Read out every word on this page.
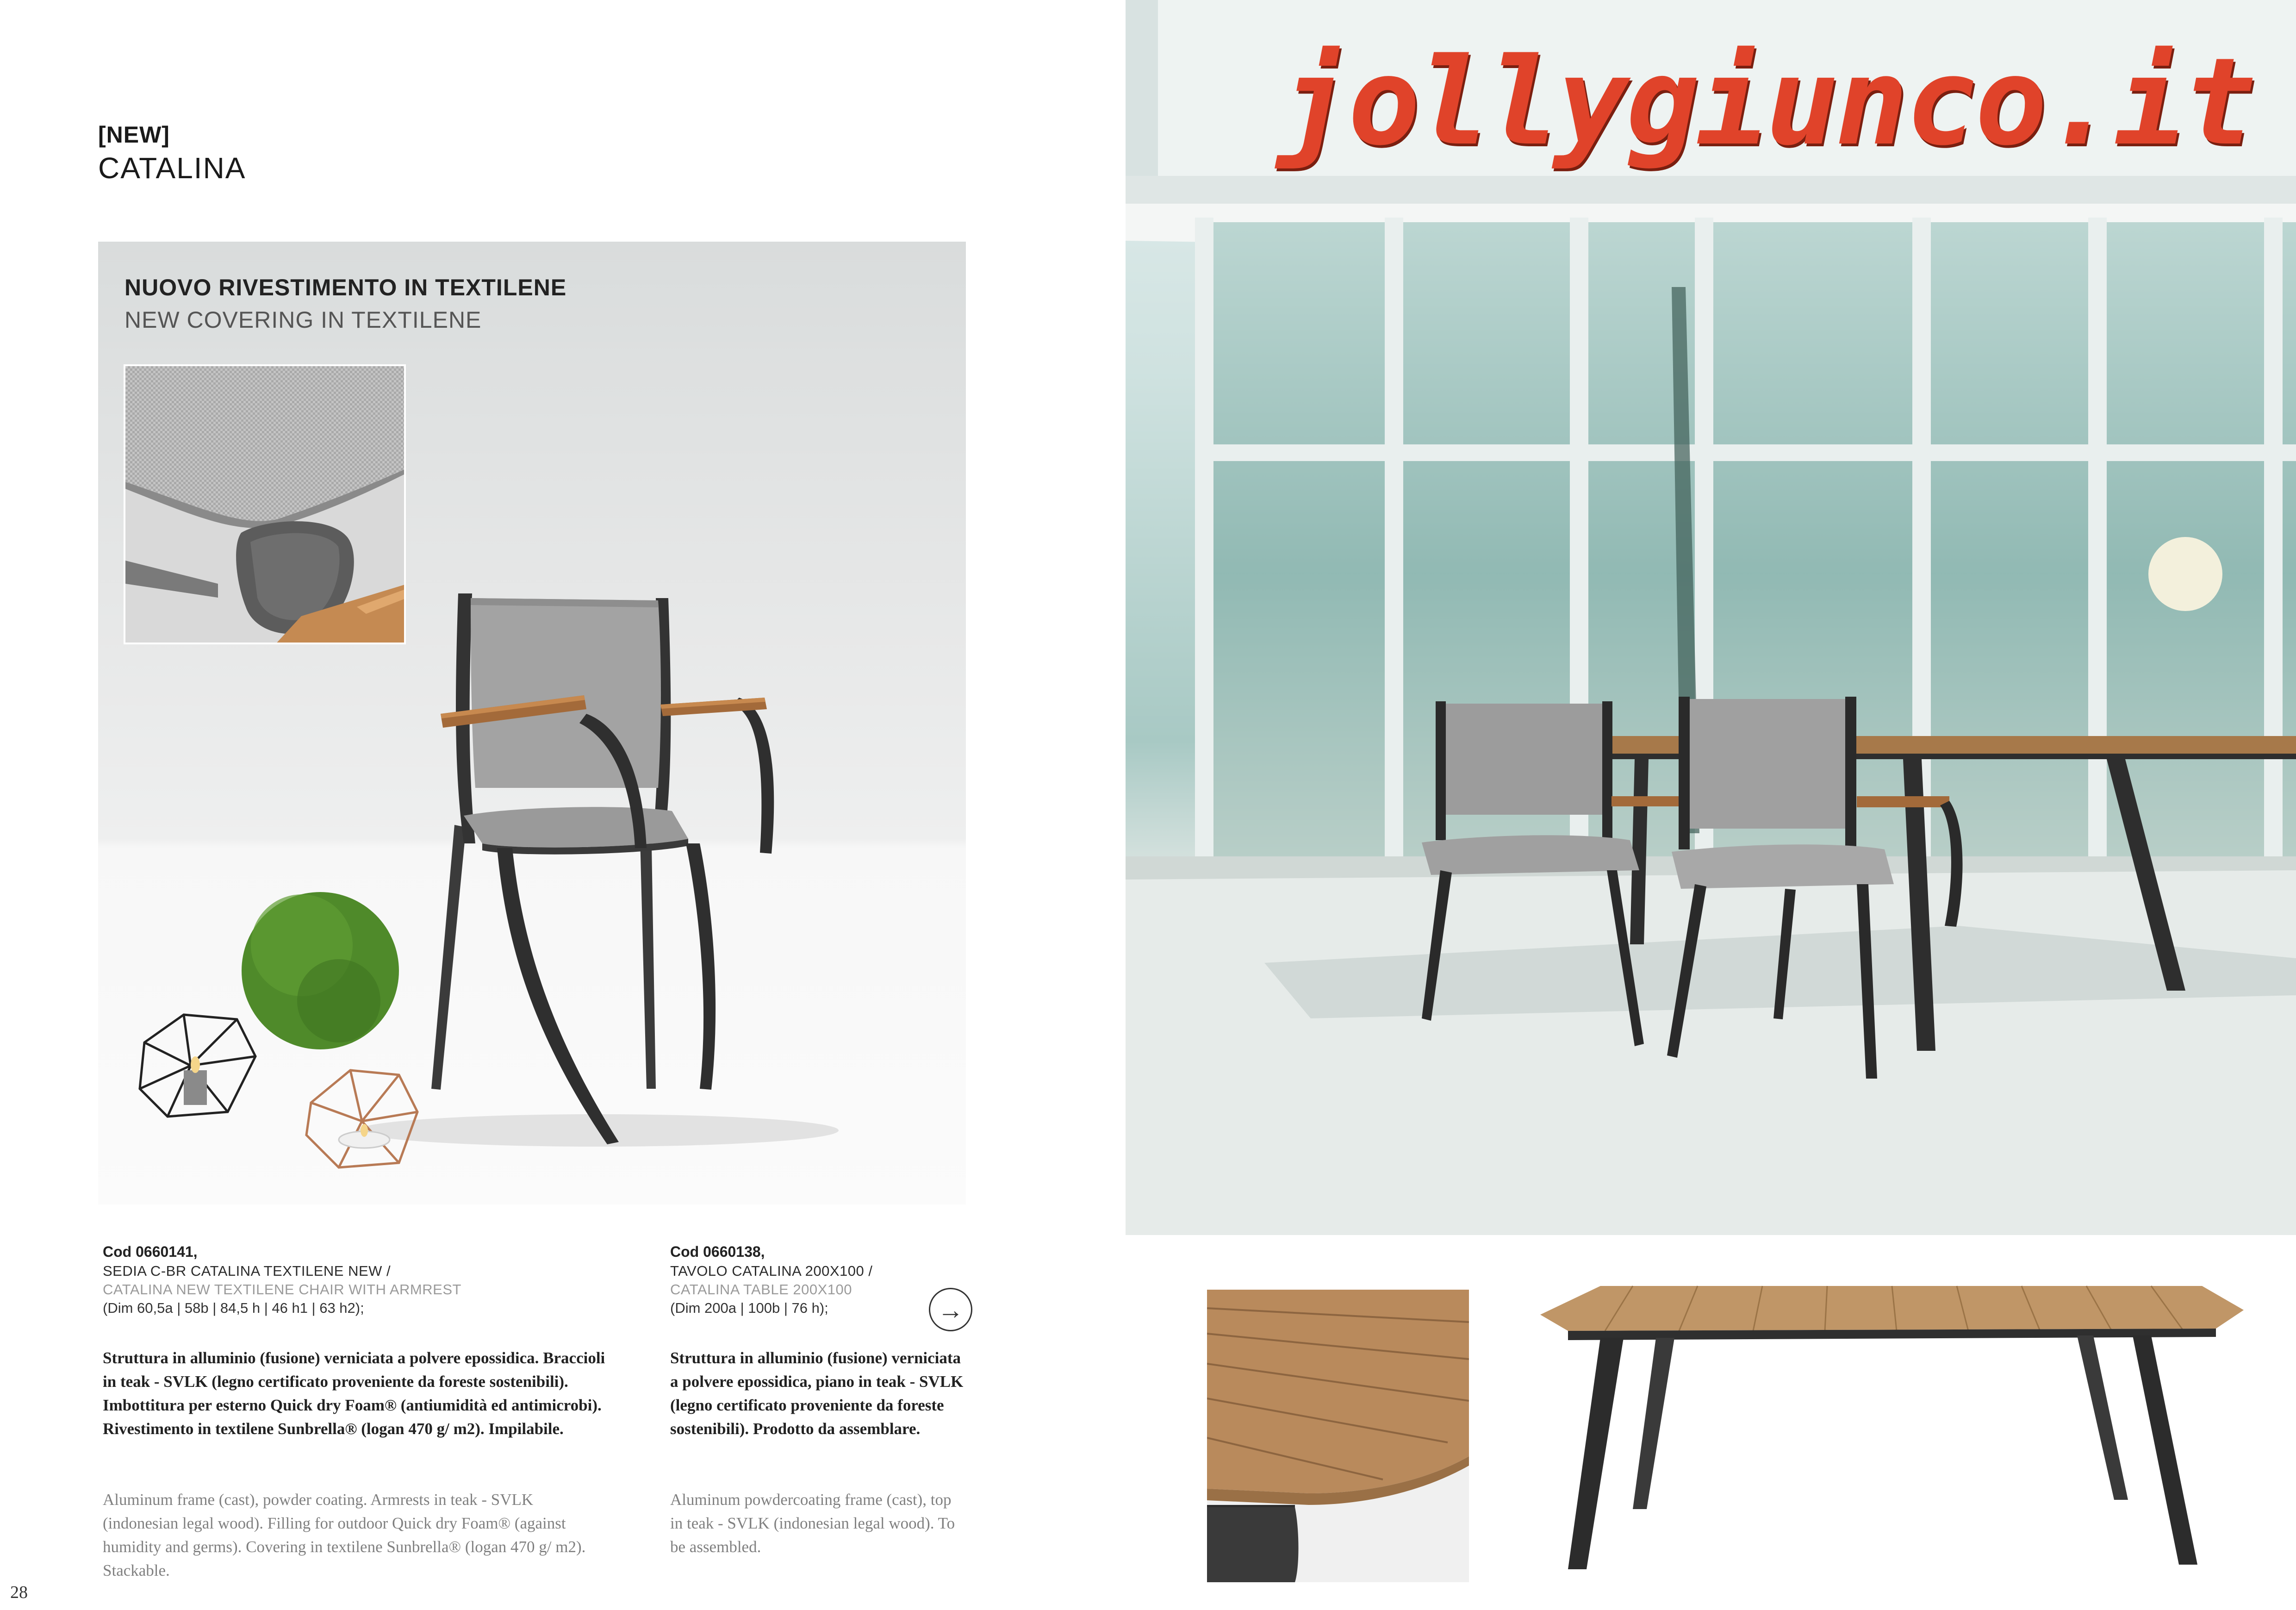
[NEW]
CATALINA
NUOVO RIVESTIMENTO IN TEXTILENE
NEW COVERING IN TEXTILENE
Cod 0660141,
SEDIA C-BR CATALINA TEXTILENE NEW /
CATALINA NEW TEXTILENE CHAIR WITH ARMREST
(Dim 60,5a | 58b | 84,5 h | 46 h1 | 63 h2);
Struttura in alluminio (fusione) verniciata a polvere epossidica. Braccioli in teak - SVLK (legno certificato proveniente da foreste sostenibili). Imbottitura per esterno Quick dry Foam® (antiumidità ed antimicrobi). Rivestimento in textilene Sunbrella® (logan 470 g/ m2). Impilabile.
Aluminum frame (cast), powder coating. Armrests in teak - SVLK (indonesian legal wood). Filling for outdoor Quick dry Foam® (against humidity and germs). Covering in textilene Sunbrella® (logan 470 g/ m2). Stackable.
Cod 0660138,
TAVOLO CATALINA 200X100 /
CATALINA TABLE 200X100
(Dim 200a | 100b | 76 h);
Struttura in alluminio (fusione) verniciata a polvere epossidica, piano in teak - SVLK (legno certificato proveniente da foreste sostenibili). Prodotto da assemblare.
Aluminum powdercoating frame (cast), top in teak - SVLK (indonesian legal wood). To be assembled.
→
28
jollygiunco.it
